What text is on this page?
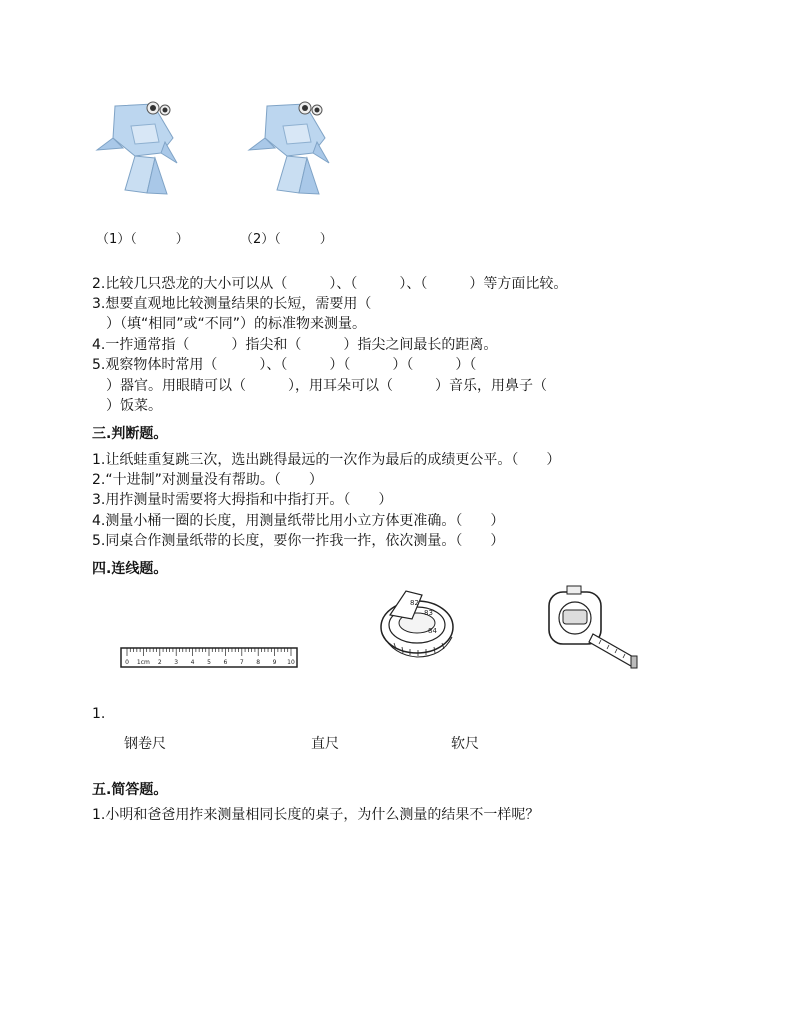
（1）（　　　）	（2）（　　　）
2.比较几只恐龙的大小可以从（　　　）、（　　　）、（　　　）等方面比较。
3.想要直观地比较测量结果的长短，需要用（
　）（填“相同”或“不同”）的标准物来测量。
4.一拃通常指（　　　）指尖和（　　　）指尖之间最长的距离。
5.观察物体时常用（　　　）、（　　　）（　　　）（　　　）（
　）器官。用眼睛可以（　　　），用耳朵可以（　　　）音乐，用鼻子（
　）饭菜。
三.判断题。
1.让纸蛙重复跳三次，选出跳得最远的一次作为最后的成绩更公平。（　　）
2.“十进制”对测量没有帮助。（　　）
3.用拃测量时需要将大拇指和中指打开。（　　）
4.测量小桶一圈的长度，用测量纸带比用小立方体更准确。（　　）
5.同桌合作测量纸带的长度，要你一拃我一拃，依次测量。（　　）
四.连线题。
0 1cm 2 3 4 5 6 7 8 9 10
82
83
84
1.
钢卷尺	直尺	软尺
五.简答题。
1.小明和爸爸用拃来测量相同长度的桌子，为什么测量的结果不一样呢？
